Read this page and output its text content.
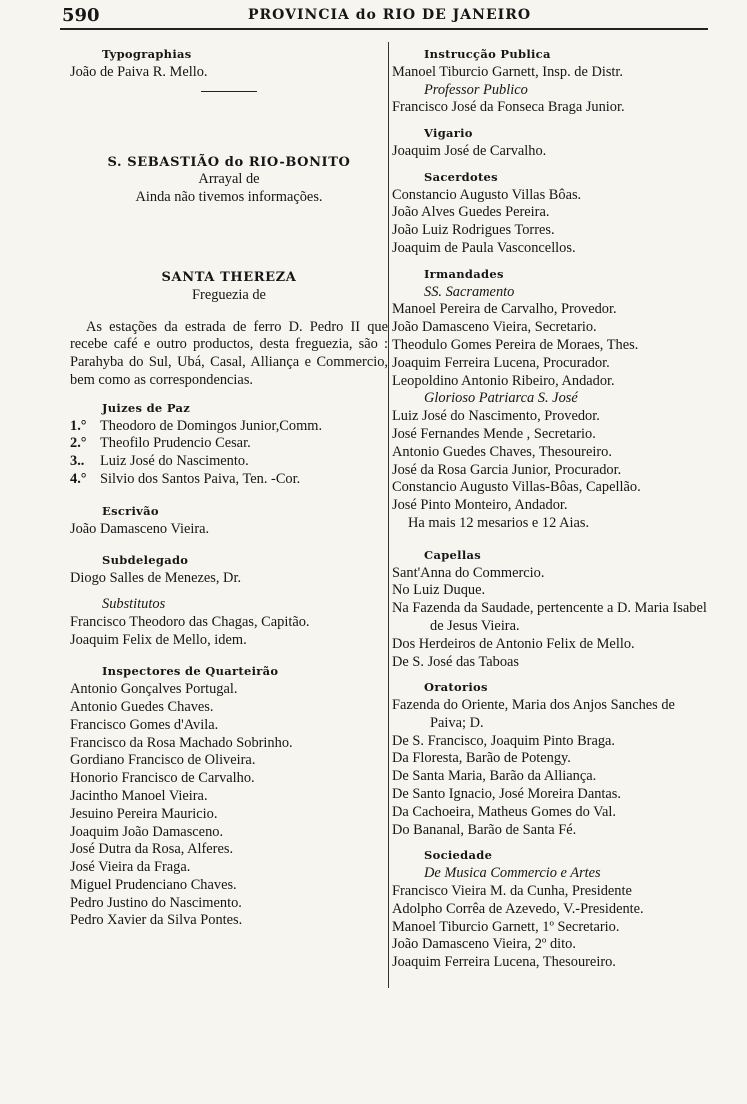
590	PROVINCIA do RIO DE JANEIRO
Typographias
João de Paiva R. Mello.
S. SEBASTIÃO do RIO-BONITO
Arrayal de
Ainda não tivemos informações.
SANTA THEREZA
Freguezia de
As estações da estrada de ferro D. Pedro II que recebe café e outro productos, desta freguezia, são : Parahyba do Sul, Ubá, Casal, Alliança e Commercio, bem como as correspondencias.
Juizes de Paz
1.° Theodoro de Domingos Junior,Comm.
2.° Theofilo Prudencio Cesar.
3.. Luiz José do Nascimento.
4.° Silvio dos Santos Paiva, Ten. -Cor.
Escrivão
João Damasceno Vieira.
Subdelegado
Diogo Salles de Menezes, Dr.
Substitutos
Francisco Theodoro das Chagas, Capitão.
Joaquim Felix de Mello, idem.
Inspectores de Quarteirão
Antonio Gonçalves Portugal.
Antonio Guedes Chaves.
Francisco Gomes d'Avila.
Francisco da Rosa Machado Sobrinho.
Gordiano Francisco de Oliveira.
Honorio Francisco de Carvalho.
Jacintho Manoel Vieira.
Jesuino Pereira Mauricio.
Joaquim João Damasceno.
José Dutra da Rosa, Alferes.
José Vieira da Fraga.
Miguel Prudenciano Chaves.
Pedro Justino do Nascimento.
Pedro Xavier da Silva Pontes.
Instrucção Publica
Manoel Tiburcio Garnett, Insp. de Distr.
Professor Publico
Francisco José da Fonseca Braga Junior.
Vigario
Joaquim José de Carvalho.
Sacerdotes
Constancio Augusto Villas Bôas.
João Alves Guedes Pereira.
João Luiz Rodrigues Torres.
Joaquim de Paula Vasconcellos.
Irmandades
SS. Sacramento
Manoel Pereira de Carvalho, Provedor.
João Damasceno Vieira, Secretario.
Theodulo Gomes Pereira de Moraes, Thes.
Joaquim Ferreira Lucena, Procurador.
Leopoldino Antonio Ribeiro, Andador.
Glorioso Patriarca S. José
Luiz José do Nascimento, Provedor.
José Fernandes Mende , Secretario.
Antonio Guedes Chaves, Thesoureiro.
José da Rosa Garcia Junior, Procurador.
Constancio Augusto Villas-Bôas, Capellão.
José Pinto Monteiro, Andador.
Ha mais 12 mesarios e 12 Aias.
Capellas
Sant'Anna do Commercio.
No Luiz Duque.
Na Fazenda da Saudade, pertencente a D. Maria Isabel de Jesus Vieira.
Dos Herdeiros de Antonio Felix de Mello.
De S. José das Taboas
Oratorios
Fazenda do Oriente, Maria dos Anjos Sanches de Paiva; D.
De S. Francisco, Joaquim Pinto Braga.
Da Floresta, Barão de Potengy.
De Santa Maria, Barão da Alliança.
De Santo Ignacio, José Moreira Dantas.
Da Cachoeira, Matheus Gomes do Val.
Do Bananal, Barão de Santa Fé.
Sociedade
De Musica Commercio e Artes
Francisco Vieira M. da Cunha, Presidente
Adolpho Corrêa de Azevedo, V.-Presidente.
Manoel Tiburcio Garnett, 1º Secretario.
João Damasceno Vieira, 2º dito.
Joaquim Ferreira Lucena, Thesoureiro.
